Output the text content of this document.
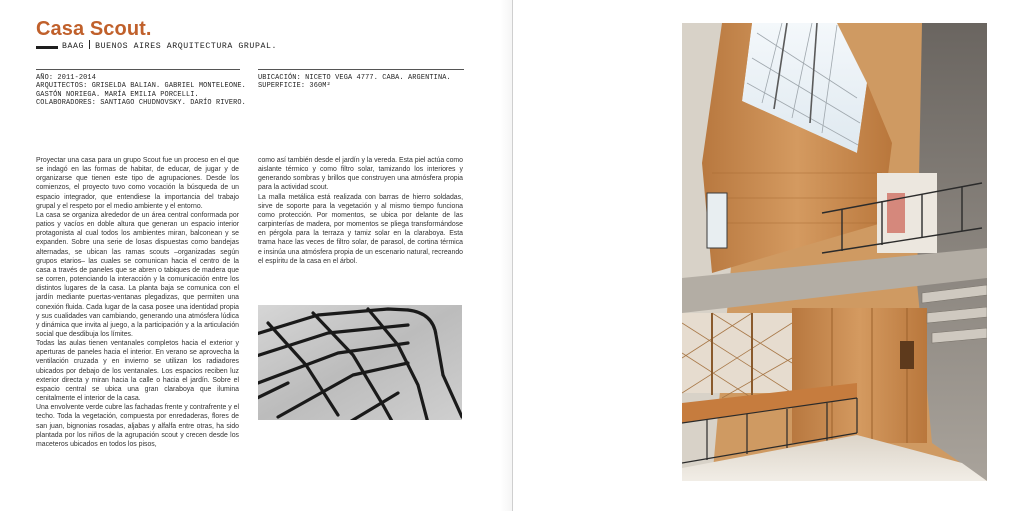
Casa Scout.
BAAG BUENOS AIRES ARQUITECTURA GRUPAL.
AÑO: 2011-2014
ARQUITECTOS: GRISELDA BALIAN. GABRIEL MONTELEONE.
GASTÓN NORIEGA. MARÍA EMILIA PORCELLI.
COLABORADORES: SANTIAGO CHUDNOVSKY. DARÍO RIVERO.
UBICACIÓN: NICETO VEGA 4777. CABA. ARGENTINA.
SUPERFICIE: 360M²

Proyectar una casa para un grupo Scout fue un proceso en el que se indagó en las formas de habitar, de educar, de jugar y de organizarse que tienen este tipo de agrupaciones. Desde los comienzos, el proyecto tuvo como vocación la búsqueda de un espacio integrador, que entendiese la importancia del trabajo grupal y el respeto por el medio ambiente y el entorno.

La casa se organiza alrededor de un área central conformada por patios y vacíos en doble altura que generan un espacio interior protagonista al cual todos los ambientes miran, balconean y se expanden. Sobre una serie de losas dispuestas como bandejas alternadas, se ubican las ramas scouts –organizadas según grupos etarios– las cuales se comunican hacia el centro de la casa a través de paneles que se abren o tabiques de madera que se corren, potenciando la interacción y la comunicación entre los distintos lugares de la casa. La planta baja se comunica con el jardín mediante puertas-ventanas plegadizas, que permiten una conexión fluida. Cada lugar de la casa posee una identidad propia y sus cualidades van cambiando, generando una atmósfera lúdica y dinámica que invita al juego, a la participación y a la articulación social que desdibuja los límites.

Todas las aulas tienen ventanales completos hacia el exterior y aperturas de paneles hacia el interior. En verano se aprovecha la ventilación cruzada y en invierno se utilizan los radiadores ubicados por debajo de los ventanales. Los espacios reciben luz exterior directa y miran hacia la calle o hacia el jardín. Sobre el espacio central se ubica una gran claraboya que ilumina cenitalmente el interior de la casa.

Una envolvente verde cubre las fachadas frente y contrafrente y el techo. Toda la vegetación, compuesta por enredaderas, flores de san juan, bignonias rosadas, aljabas y alfalfa entre otras, ha sido plantada por los niños de la agrupación scout y crecen desde los maceteros ubicados en todos los pisos,

como así también desde el jardín y la vereda. Esta piel actúa como aislante térmico y como filtro solar, tamizando los interiores y generando sombras y brillos que construyen una atmósfera propia para la actividad scout.

La malla metálica está realizada con barras de hierro soldadas, sirve de soporte para la vegetación y al mismo tiempo funciona como protección. Por momentos, se ubica por delante de las carpinterías de madera, por momentos se pliega transformándose en pérgola para la terraza y tamiz solar en la claraboya. Esta trama hace las veces de filtro solar, de parasol, de cortina térmica e insinúa una atmósfera propia de un escenario natural, recreando el espíritu de la casa en el árbol.
